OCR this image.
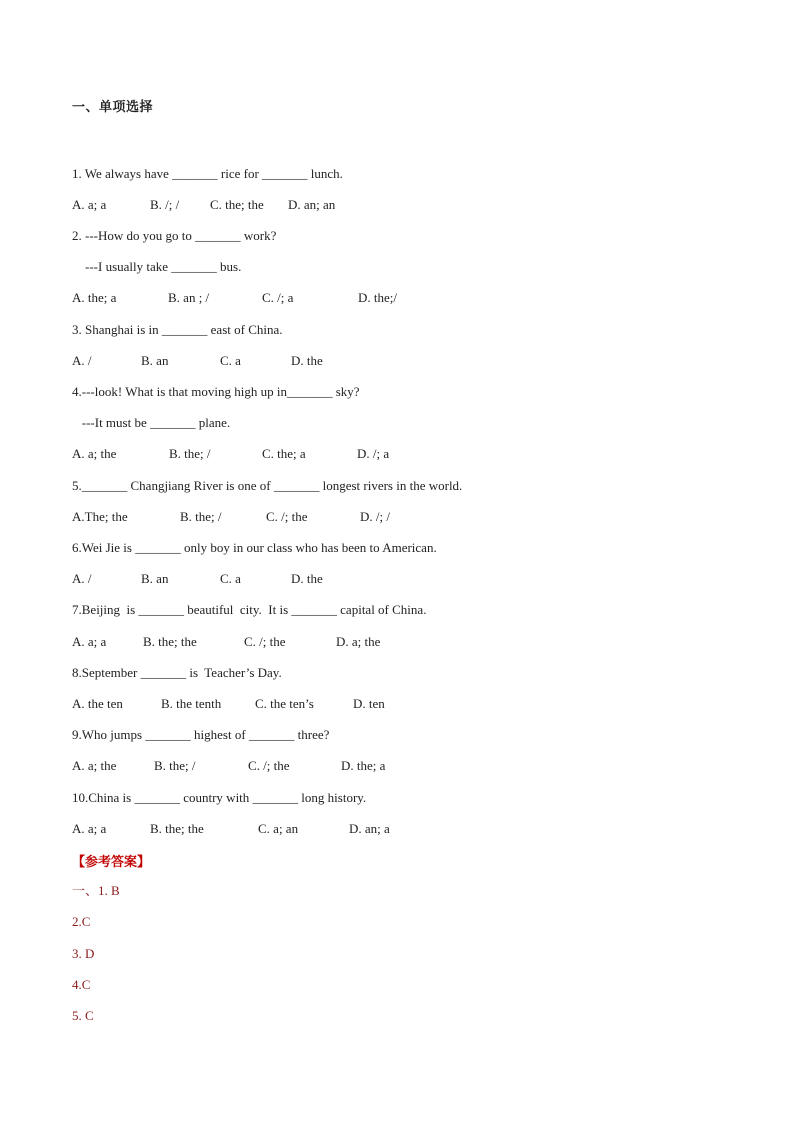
一、单项选择
1. We always have _______ rice for _______ lunch.
A. a; a	B. /; / C. the; the D. an; an
2. ---How do you go to _______ work?
---I usually take _______ bus.
A. the; a	B. an ; /	C. /; a	D. the;/
3. Shanghai is in _______ east of China.
A. /	B. an	C. a	D. the
4.---look! What is that moving high up in_______ sky?
---It must be _______ plane.
A. a; the	B. the; /	C. the; a	D. /; a
5._______ Changjiang River is one of _______ longest rivers in the world.
A.The; the	B. the; /	C. /; the	D. /; /
6.Wei Jie is _______ only boy in our class who has been to American.
A. /	B. an	C. a	D. the
7.Beijing  is _______ beautiful  city.  It is _______ capital of China.
A. a; a	B. the; the	C. /; the	D. a; the
8.September _______ is  Teacher’s Day.
A. the ten	B. the tenth	C. the ten’s	D. ten
9.Who jumps _______ highest of _______ three?
A. a; the	B. the; /	C. /; the	D. the; a
10.China is _______ country with _______ long history.
A. a; a	B. the; the	C. a; an	D. an; a
【参考答案】
一、1. B
2.C
3. D
4.C
5. C
